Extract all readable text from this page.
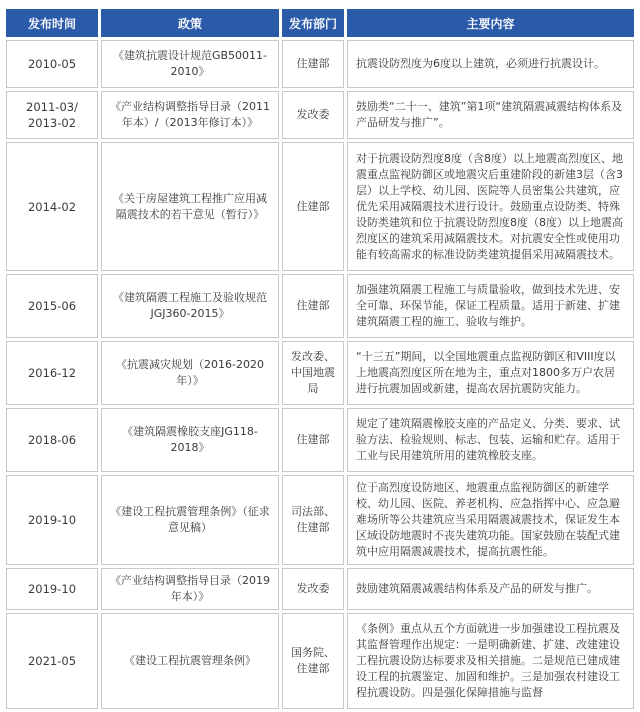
发布时间	政策	发布部门	主要内容
2010-05	《建筑抗震设计规范GB50011-2010》	住建部	抗震设防烈度为6度以上建筑，必须进行抗震设计。
2011-03/
2013-02	《产业结构调整指导目录（2011年本）/（2013年修订本）》	发改委	鼓励类“二十一、建筑”第1项“建筑隔震减震结构体系及产品研发与推广”。
2014-02	《关于房屋建筑工程推广应用减隔震技术的若干意见（暂行）》	住建部	对于抗震设防烈度8度（含8度）以上地震高烈度区、地震重点监视防御区或地震灾后重建阶段的新建3层（含3层）以上学校、幼儿园、医院等人员密集公共建筑，应优先采用减隔震技术进行设计。鼓励重点设防类、特殊设防类建筑和位于抗震设防烈度8度（8度）以上地震高烈度区的建筑采用减隔震技术。对抗震安全性或使用功能有较高需求的标准设防类建筑提倡采用减隔震技术。
2015-06	《建筑隔震工程施工及验收规范JGJ360-2015》	住建部	加强建筑隔震工程施工与质量验收，做到技术先进、安全可靠、环保节能，保证工程质量。适用于新建、扩建建筑隔震工程的施工、验收与维护。
2016-12	《抗震减灾规划（2016-2020年）》	发改委、中国地震局	“十三五”期间，以全国地震重点监视防御区和VIII度以上地震高烈度区所在地为主，重点对1800多万户农居进行抗震加固或新建，提高农居抗震防灾能力。
2018-06	《建筑隔震橡胶支座JG118-2018》	住建部	规定了建筑隔震橡胶支座的产品定义、分类、要求、试验方法、检验规则、标志、包装、运输和贮存。适用于工业与民用建筑所用的建筑橡胶支座。
2019-10	《建设工程抗震管理条例》（征求意见稿）	司法部、住建部	位于高烈度设防地区、地震重点监视防御区的新建学校、幼儿园、医院、养老机构、应急指挥中心、应急避难场所等公共建筑应当采用隔震减震技术，保证发生本区域设防地震时不丧失建筑功能。国家鼓励在装配式建筑中应用隔震减震技术，提高抗震性能。
2019-10	《产业结构调整指导目录（2019年本）》	发改委	鼓励建筑隔震减震结构体系及产品的研发与推广。
2021-05	《建设工程抗震管理条例》	国务院、住建部	《条例》重点从五个方面就进一步加强建设工程抗震及其监督管理作出规定：一是明确新建、扩建、改建建设工程抗震设防达标要求及相关措施。二是规范已建成建设工程的抗震鉴定、加固和维护。三是加强农村建设工程抗震设防。四是强化保障措施与监督
